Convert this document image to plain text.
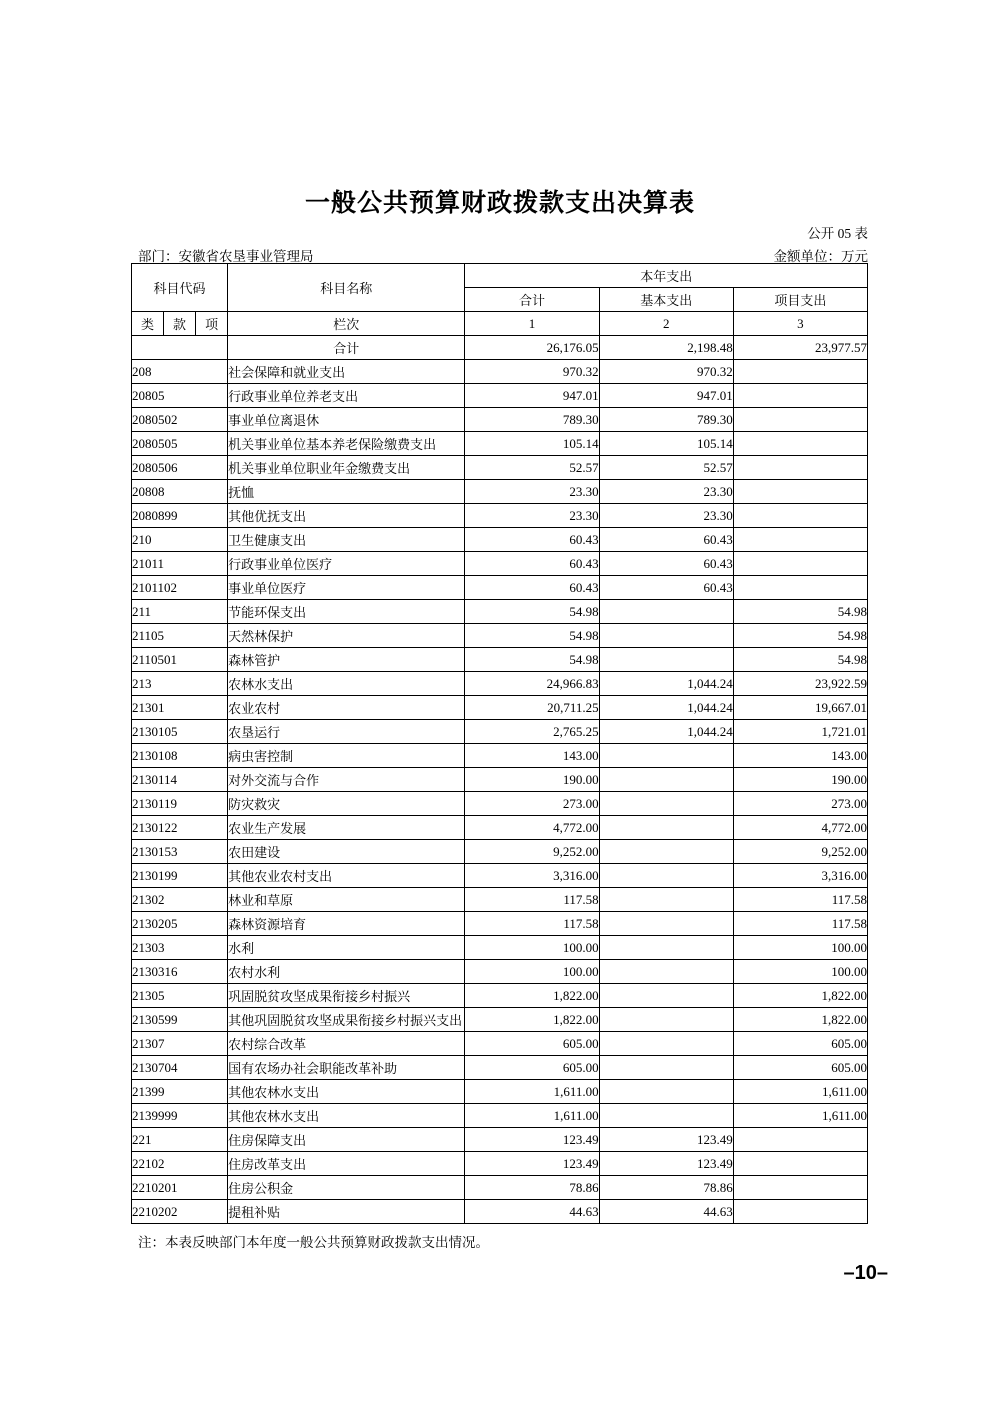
一般公共预算财政拨款支出决算表
公开 05 表
部门：安徽省农垦事业管理局	金额单位：万元
科目代码	科目名称	本年支出
合计	基本支出	项目支出

类	款	项
		栏次	1	2	3
	合计	26,176.05	2,198.48	23,977.57
208	社会保障和就业支出	970.32	970.32	
20805	行政事业单位养老支出	947.01	947.01	
2080502	事业单位离退休	789.30	789.30	
2080505	机关事业单位基本养老保险缴费支出	105.14	105.14	
2080506	机关事业单位职业年金缴费支出	52.57	52.57	
20808	抚恤	23.30	23.30	
2080899	其他优抚支出	23.30	23.30	
210	卫生健康支出	60.43	60.43	
21011	行政事业单位医疗	60.43	60.43	
2101102	事业单位医疗	60.43	60.43	
211	节能环保支出	54.98		54.98
21105	天然林保护	54.98		54.98
2110501	森林管护	54.98		54.98
213	农林水支出	24,966.83	1,044.24	23,922.59
21301	农业农村	20,711.25	1,044.24	19,667.01
2130105	农垦运行	2,765.25	1,044.24	1,721.01
2130108	病虫害控制	143.00		143.00
2130114	对外交流与合作	190.00		190.00
2130119	防灾救灾	273.00		273.00
2130122	农业生产发展	4,772.00		4,772.00
2130153	农田建设	9,252.00		9,252.00
2130199	其他农业农村支出	3,316.00		3,316.00
21302	林业和草原	117.58		117.58
2130205	森林资源培育	117.58		117.58
21303	水利	100.00		100.00
2130316	农村水利	100.00		100.00
21305	巩固脱贫攻坚成果衔接乡村振兴	1,822.00		1,822.00
2130599	其他巩固脱贫攻坚成果衔接乡村振兴支出	1,822.00		1,822.00
21307	农村综合改革	605.00		605.00
2130704	国有农场办社会职能改革补助	605.00		605.00
21399	其他农林水支出	1,611.00		1,611.00
2139999	其他农林水支出	1,611.00		1,611.00
221	住房保障支出	123.49	123.49	
22102	住房改革支出	123.49	123.49	
2210201	住房公积金	78.86	78.86	
2210202	提租补贴	44.63	44.63	
注：本表反映部门本年度一般公共预算财政拨款支出情况。
–10–
